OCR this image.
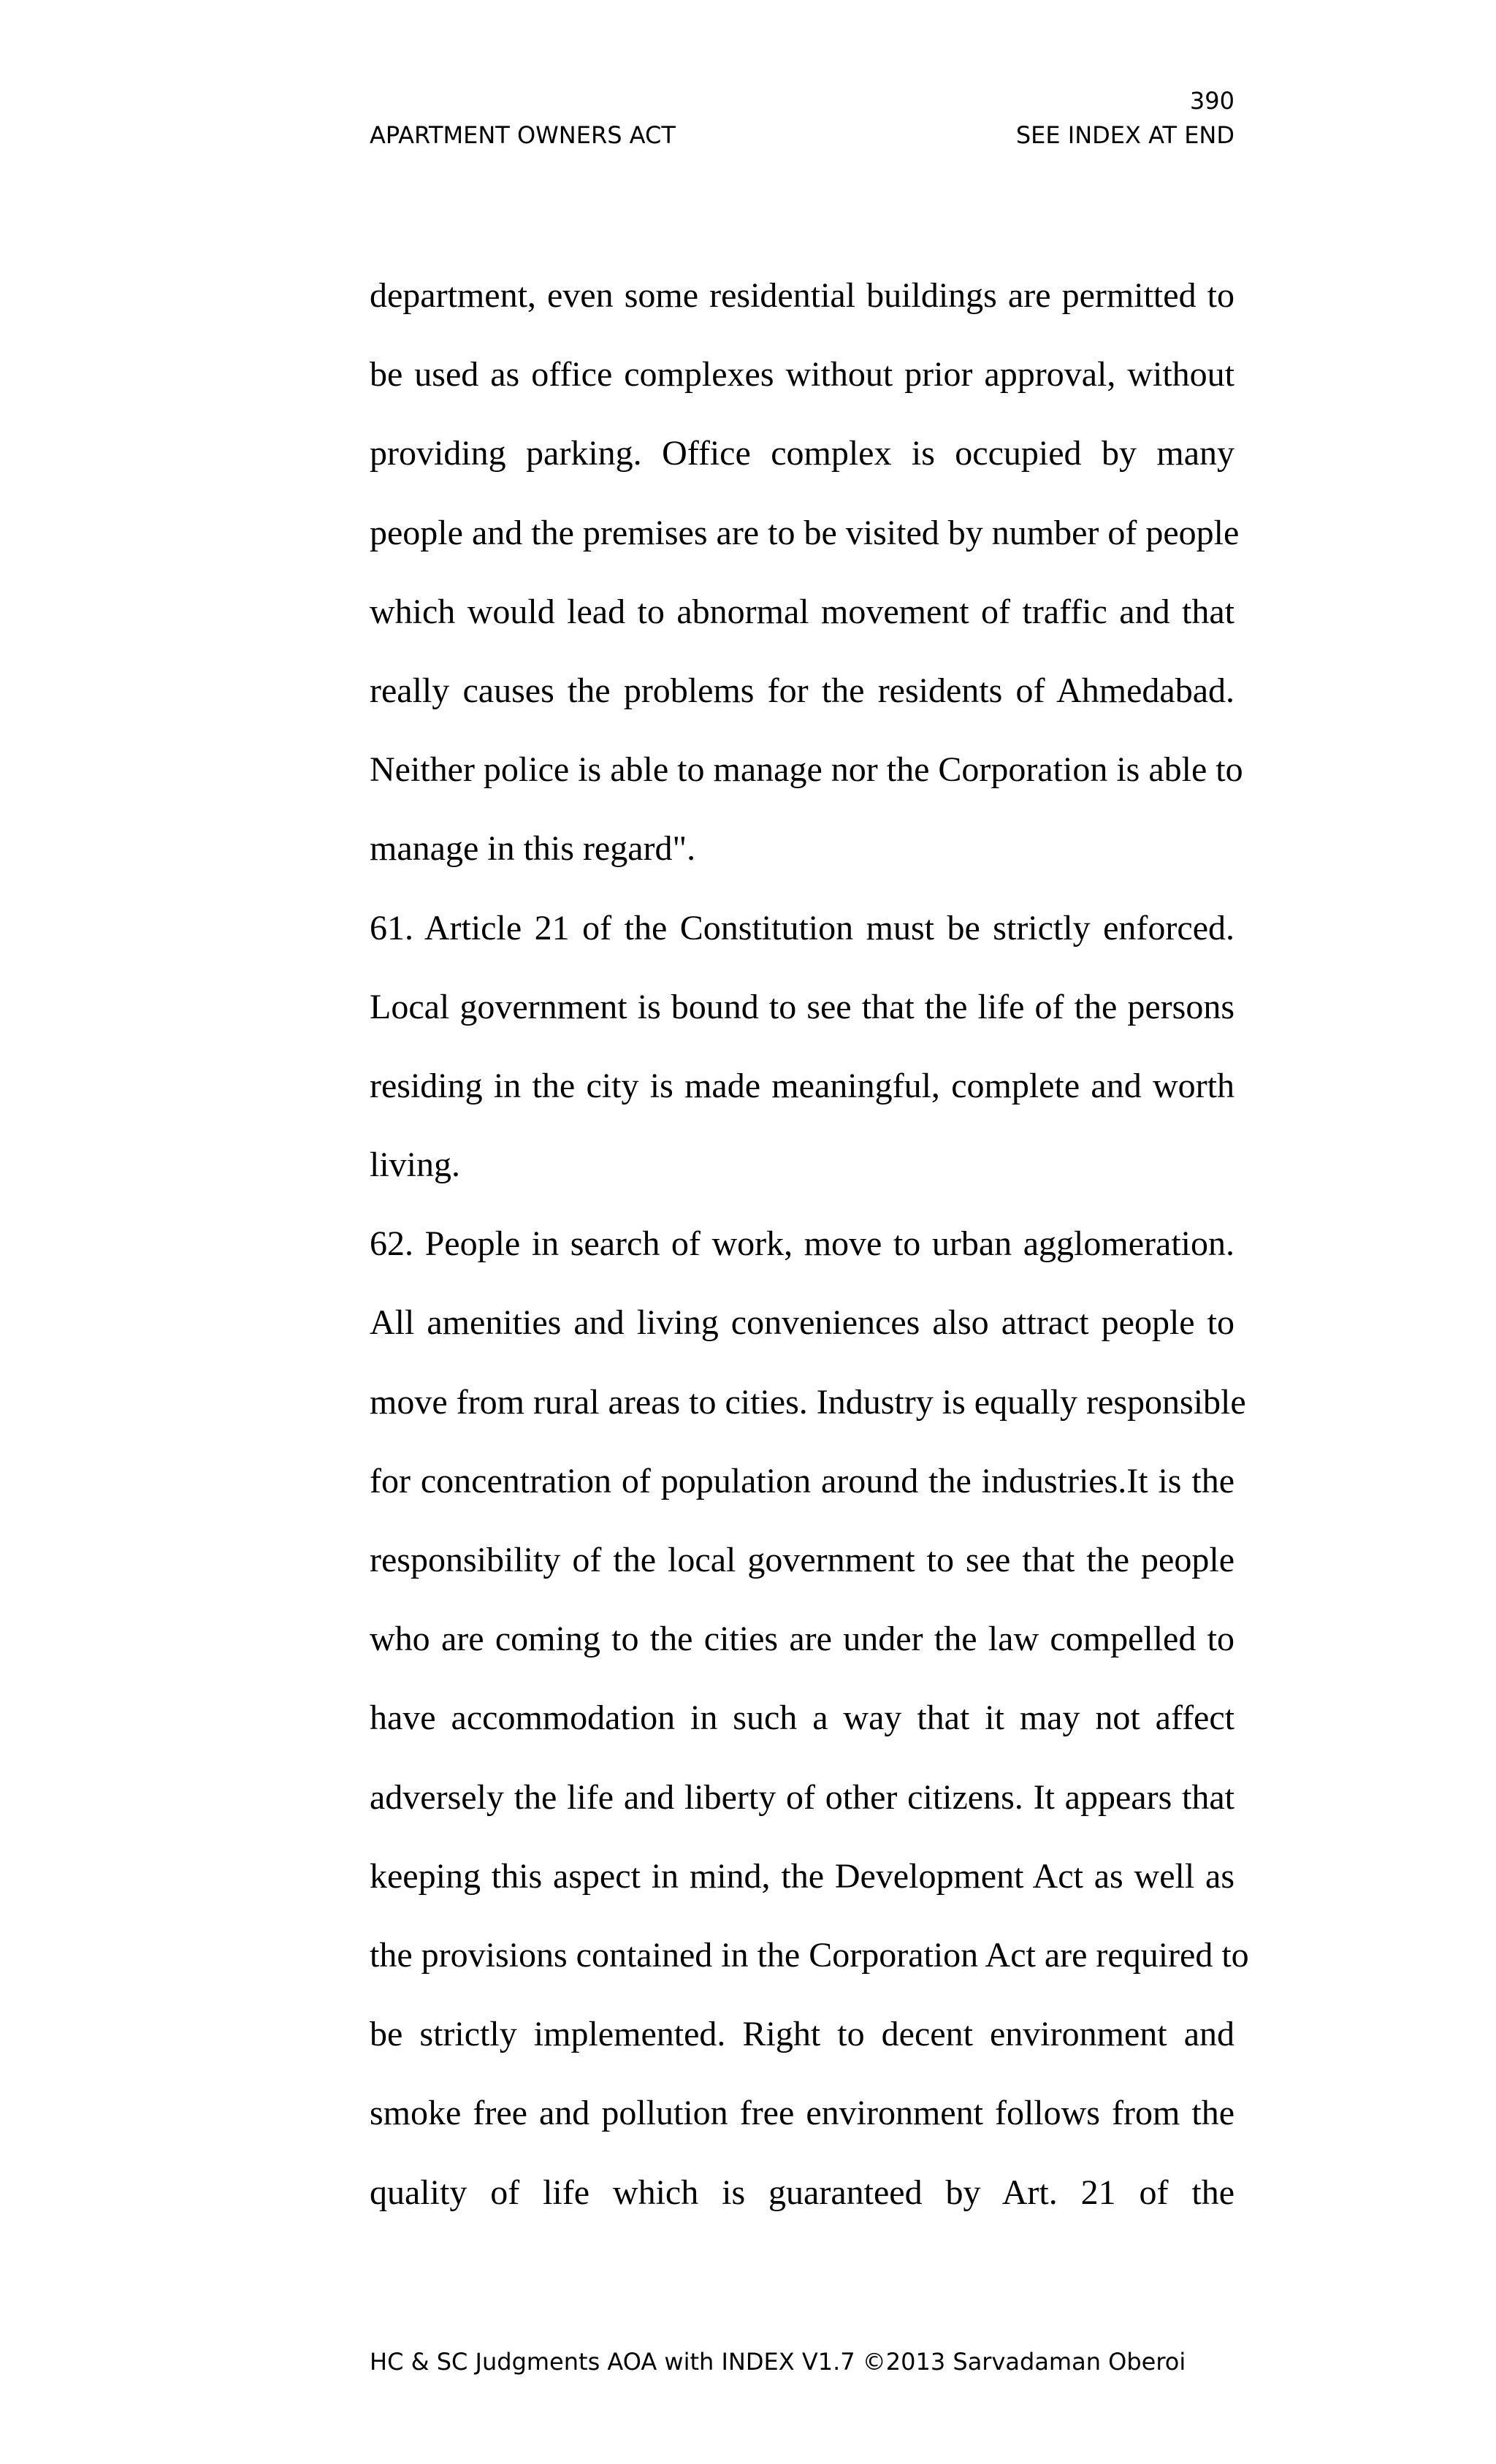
390
APARTMENT OWNERS ACT	SEE INDEX AT END
department, even some residential buildings are permitted to
be used as office complexes without prior approval, without
providing parking. Office complex is occupied by many
people and the premises are to be visited by number of people
which would lead to abnormal movement of traffic and that
really causes the problems for the residents of Ahmedabad.
Neither police is able to manage nor the Corporation is able to
manage in this regard".
61. Article 21 of the Constitution must be strictly enforced.
Local government is bound to see that the life of the persons
residing in the city is made meaningful, complete and worth
living.
62. People in search of work, move to urban agglomeration.
All amenities and living conveniences also attract people to
move from rural areas to cities. Industry is equally responsible
for concentration of population around the industries.It is the
responsibility of the local government to see that the people
who are coming to the cities are under the law compelled to
have accommodation in such a way that it may not affect
adversely the life and liberty of other citizens. It appears that
keeping this aspect in mind, the Development Act as well as
the provisions contained in the Corporation Act are required to
be strictly implemented. Right to decent environment and
smoke free and pollution free environment follows from the
quality of life which is guaranteed by Art. 21 of the
HC & SC Judgments AOA with INDEX V1.7 ©2013 Sarvadaman Oberoi
